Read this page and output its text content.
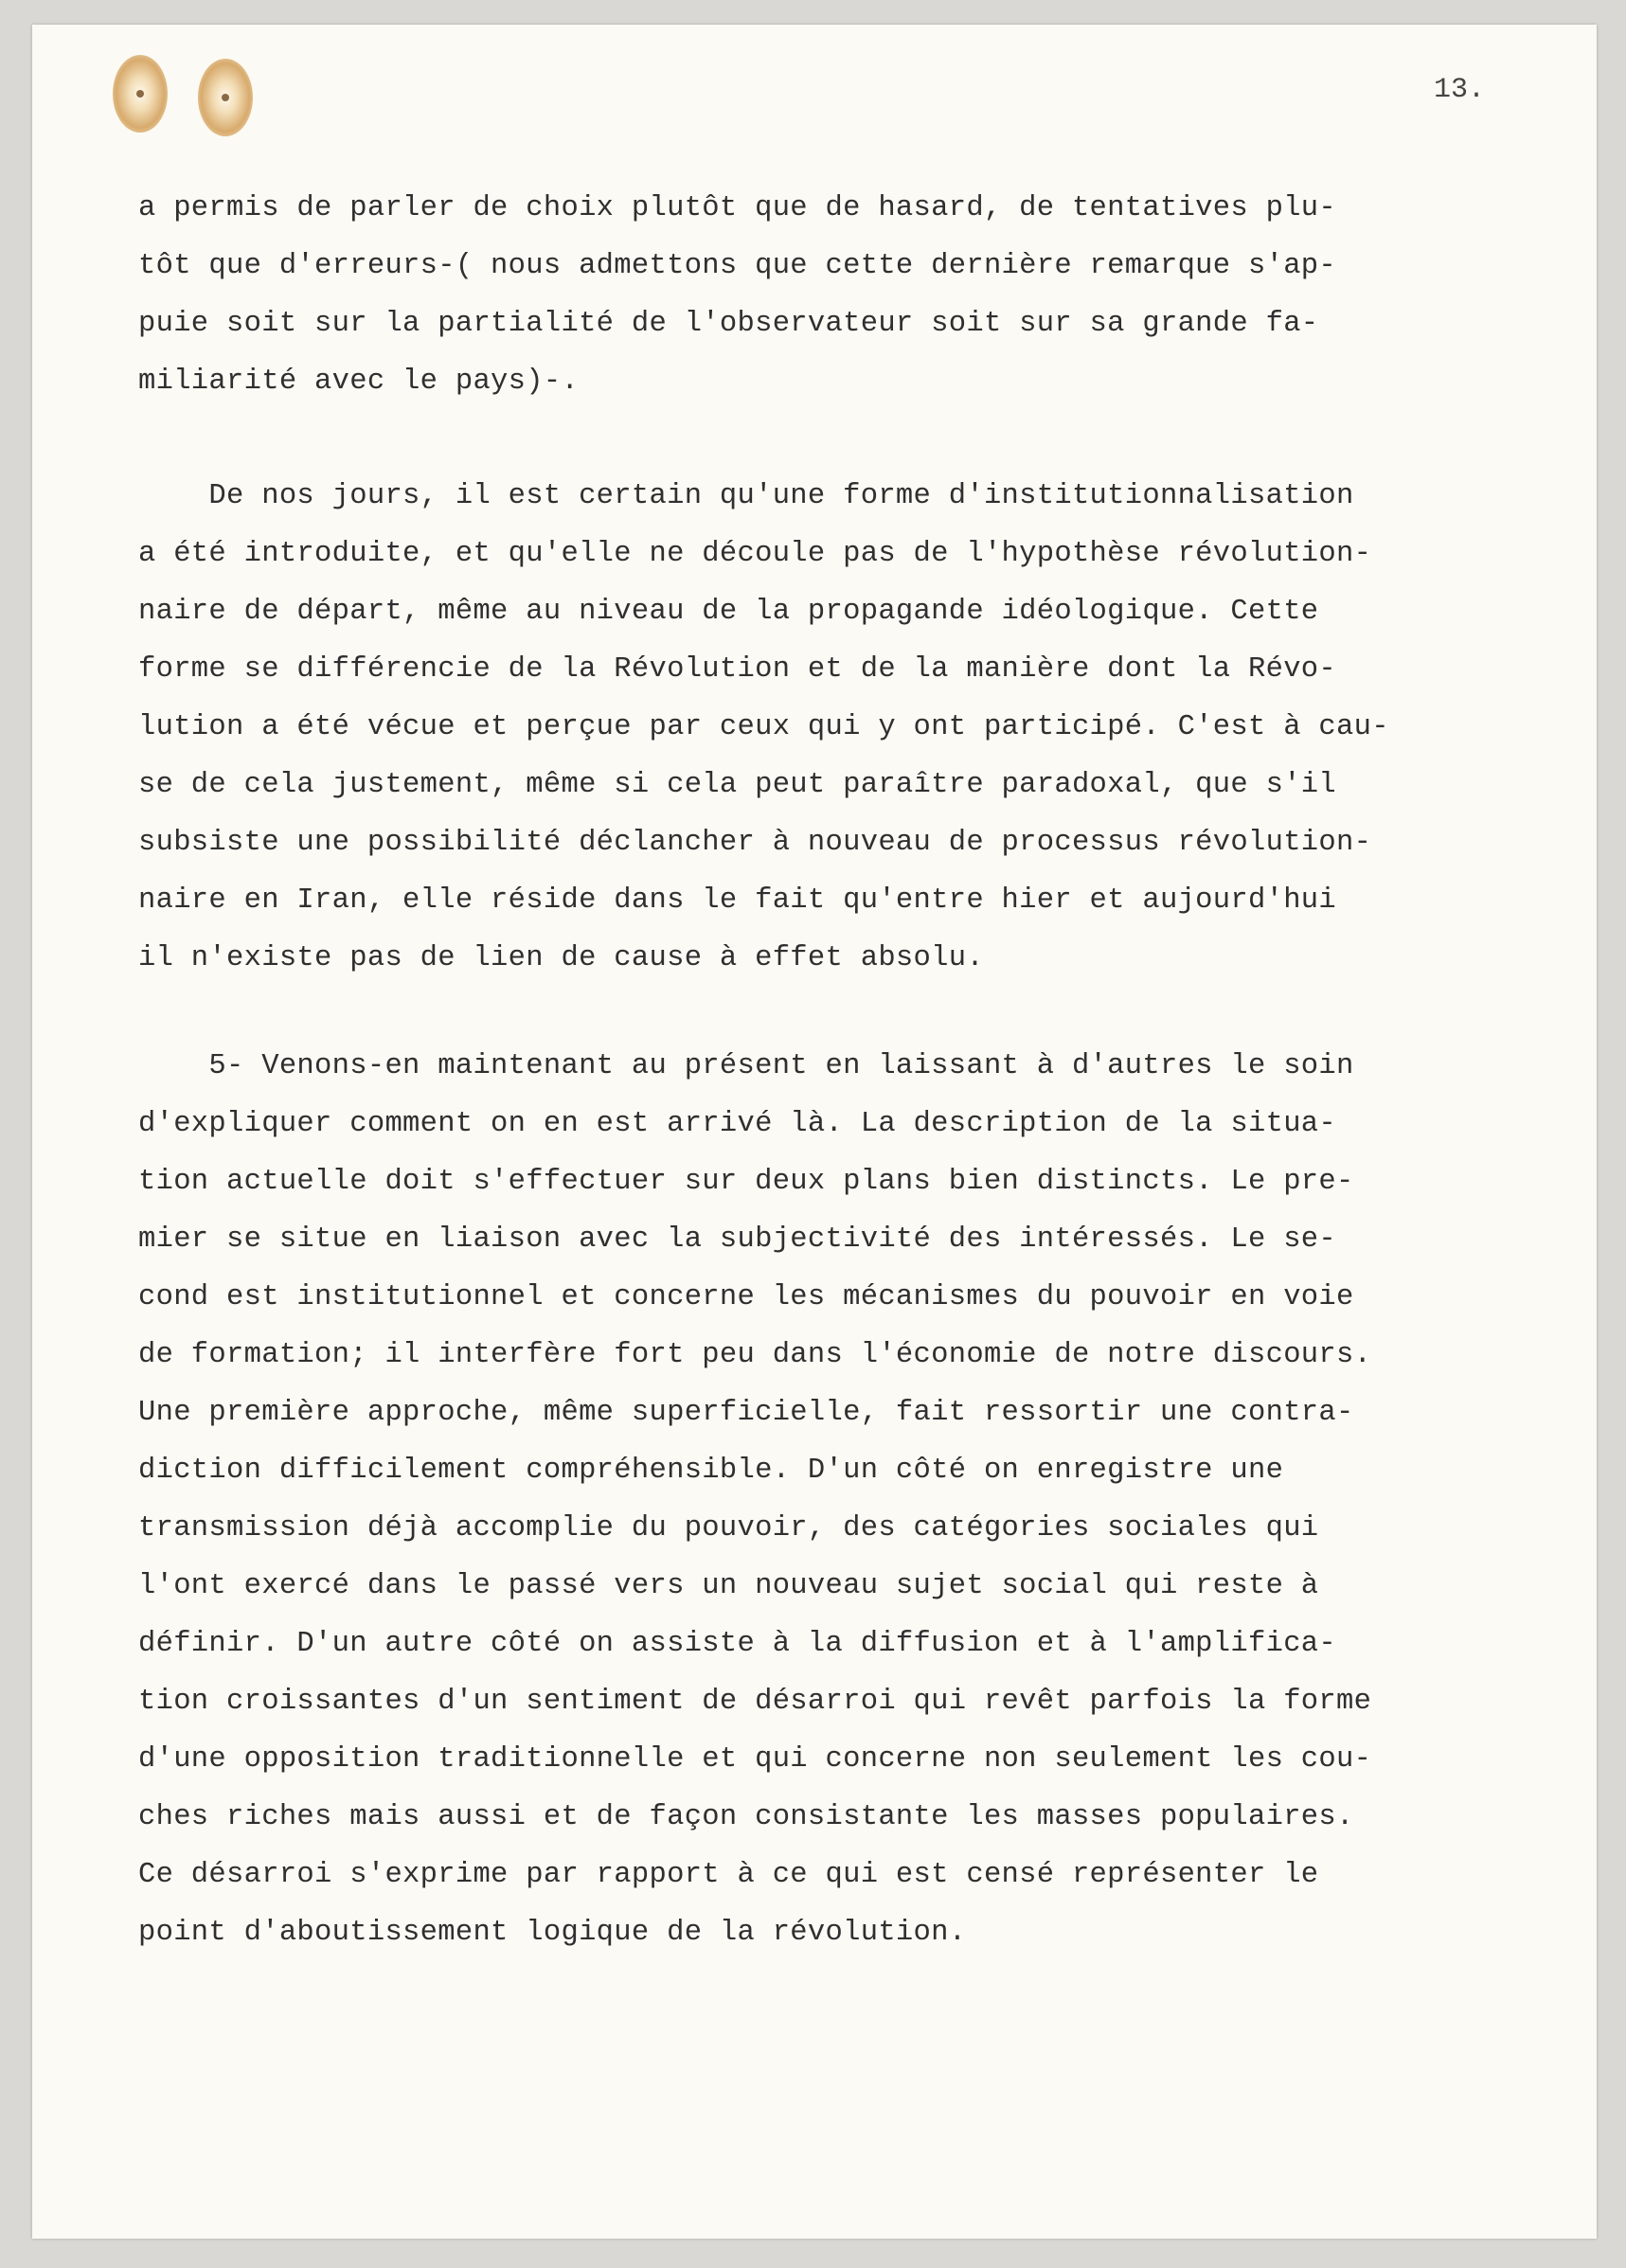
13.
a permis de parler de choix plutôt que de hasard, de tentatives plu-
tôt que d'erreurs-( nous admettons que cette dernière remarque s'ap-
puie soit sur la partialité de l'observateur soit sur sa grande fa-
miliarité avec le pays)-.
De nos jours, il est certain qu'une forme d'institutionnalisation
a été introduite, et qu'elle ne découle pas de l'hypothèse révolution-
naire de départ, même au niveau de la propagande idéologique. Cette
forme se différencie de la Révolution et de la manière dont la Révo-
lution a été vécue et perçue par ceux qui y ont participé. C'est à cau-
se de cela justement, même si cela peut paraître paradoxal, que s'il
subsiste une possibilité déclancher à nouveau de processus révolution-
naire en Iran, elle réside dans le fait qu'entre hier et aujourd'hui
il n'existe pas de lien de cause à effet absolu.
5- Venons-en maintenant au présent en laissant à d'autres le soin
d'expliquer comment on en est arrivé là. La description de la situa-
tion actuelle doit s'effectuer sur deux plans bien distincts. Le pre-
mier se situe en liaison avec la subjectivité des intéressés. Le se-
cond est institutionnel et concerne les mécanismes du pouvoir en voie
de formation; il interfère fort peu dans l'économie de notre discours.
Une première approche, même superficielle, fait ressortir une contra-
diction difficilement compréhensible. D'un côté on enregistre une
transmission déjà accomplie du pouvoir, des catégories sociales qui
l'ont exercé dans le passé vers un nouveau sujet social qui reste à
définir. D'un autre côté on assiste à la diffusion et à l'amplifica-
tion croissantes d'un sentiment de désarroi qui revêt parfois la forme
d'une opposition traditionnelle et qui concerne non seulement les cou-
ches riches mais aussi et de façon consistante les masses populaires.
Ce désarroi s'exprime par rapport à ce qui est censé représenter le
point d'aboutissement logique de la révolution.
